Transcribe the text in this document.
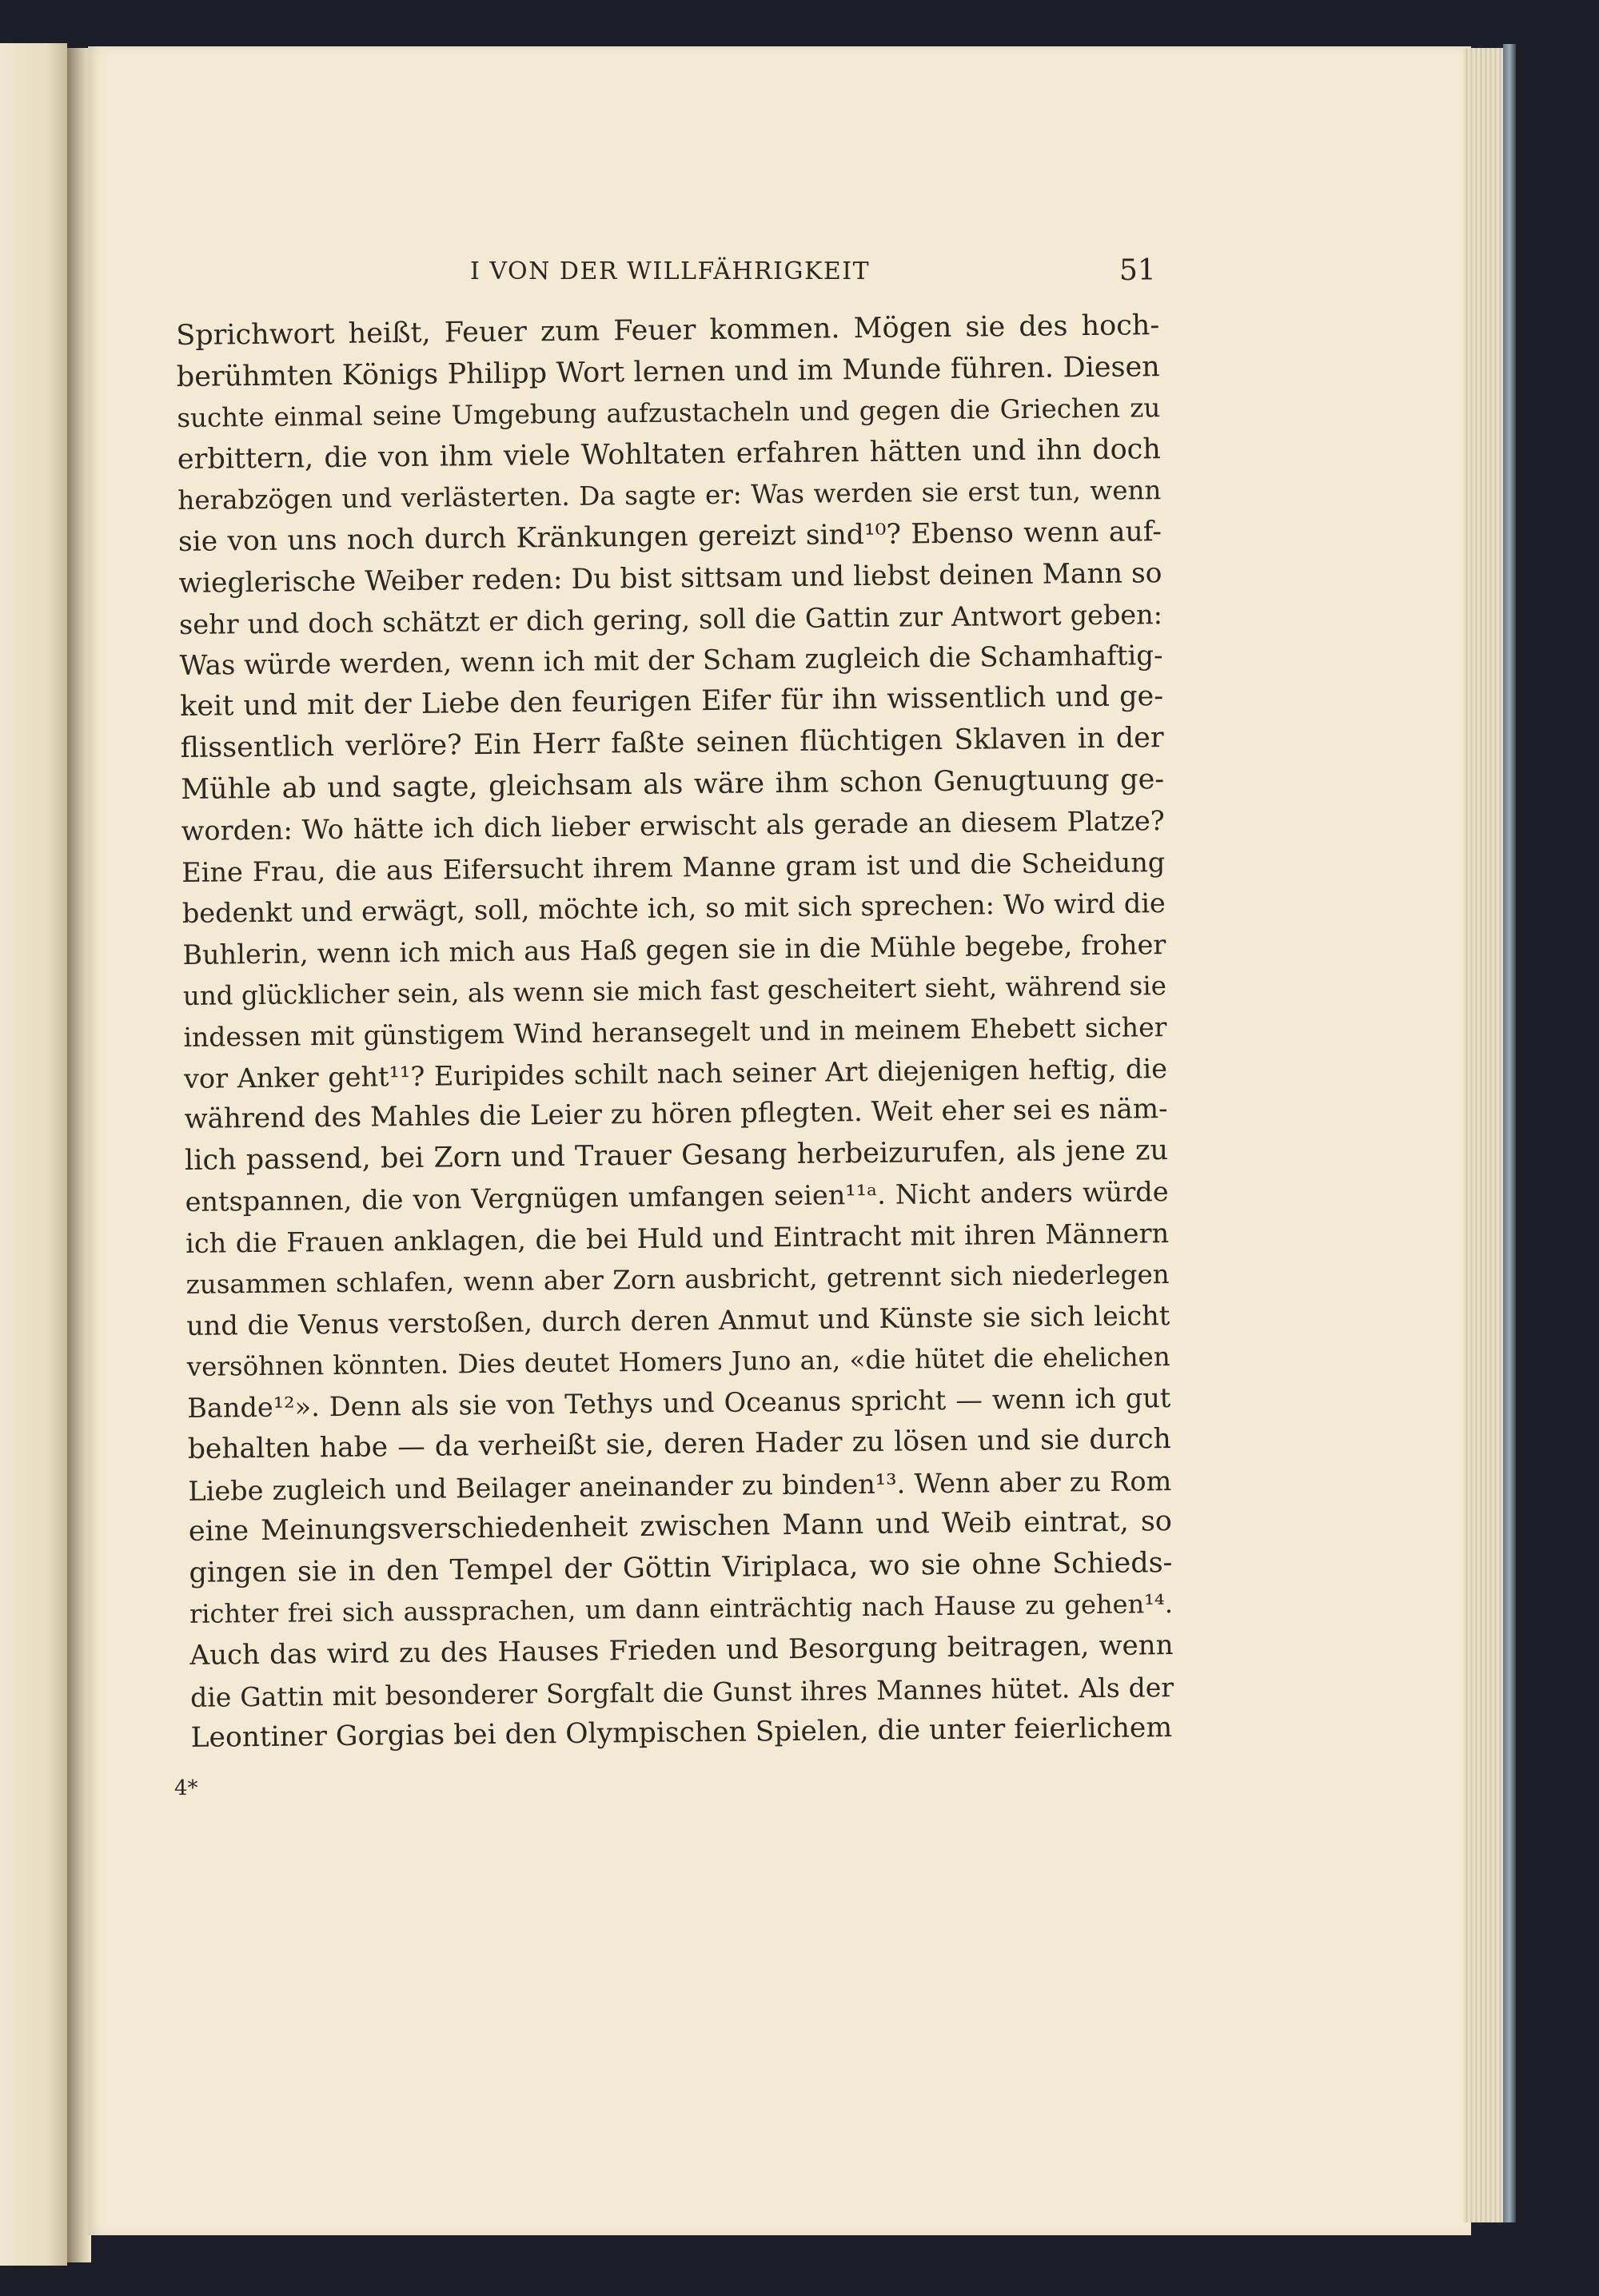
I VON DER WILLFÄHRIGKEIT	51
Sprichwort heißt, Feuer zum Feuer kommen. Mögen sie des hoch-
berühmten Königs Philipp Wort lernen und im Munde führen. Diesen
suchte einmal seine Umgebung aufzustacheln und gegen die Griechen zu
erbittern, die von ihm viele Wohltaten erfahren hätten und ihn doch
herabzögen und verlästerten. Da sagte er: Was werden sie erst tun, wenn
sie von uns noch durch Kränkungen gereizt sind¹⁰? Ebenso wenn auf-
wieglerische Weiber reden: Du bist sittsam und liebst deinen Mann so
sehr und doch schätzt er dich gering, soll die Gattin zur Antwort geben:
Was würde werden, wenn ich mit der Scham zugleich die Schamhaftig-
keit und mit der Liebe den feurigen Eifer für ihn wissentlich und ge-
flissentlich verlöre? Ein Herr faßte seinen flüchtigen Sklaven in der
Mühle ab und sagte, gleichsam als wäre ihm schon Genugtuung ge-
worden: Wo hätte ich dich lieber erwischt als gerade an diesem Platze?
Eine Frau, die aus Eifersucht ihrem Manne gram ist und die Scheidung
bedenkt und erwägt, soll, möchte ich, so mit sich sprechen: Wo wird die
Buhlerin, wenn ich mich aus Haß gegen sie in die Mühle begebe, froher
und glücklicher sein, als wenn sie mich fast gescheitert sieht, während sie
indessen mit günstigem Wind heransegelt und in meinem Ehebett sicher
vor Anker geht¹¹? Euripides schilt nach seiner Art diejenigen heftig, die
während des Mahles die Leier zu hören pflegten. Weit eher sei es näm-
lich passend, bei Zorn und Trauer Gesang herbeizurufen, als jene zu
entspannen, die von Vergnügen umfangen seien¹¹ᵃ. Nicht anders würde
ich die Frauen anklagen, die bei Huld und Eintracht mit ihren Männern
zusammen schlafen, wenn aber Zorn ausbricht, getrennt sich niederlegen
und die Venus verstoßen, durch deren Anmut und Künste sie sich leicht
versöhnen könnten. Dies deutet Homers Juno an, «die hütet die ehelichen
Bande¹²». Denn als sie von Tethys und Oceanus spricht — wenn ich gut
behalten habe — da verheißt sie, deren Hader zu lösen und sie durch
Liebe zugleich und Beilager aneinander zu binden¹³. Wenn aber zu Rom
eine Meinungsverschiedenheit zwischen Mann und Weib eintrat, so
gingen sie in den Tempel der Göttin Viriplaca, wo sie ohne Schieds-
richter frei sich aussprachen, um dann einträchtig nach Hause zu gehen¹⁴.
Auch das wird zu des Hauses Frieden und Besorgung beitragen, wenn
die Gattin mit besonderer Sorgfalt die Gunst ihres Mannes hütet. Als der
Leontiner Gorgias bei den Olympischen Spielen, die unter feierlichem
4*
